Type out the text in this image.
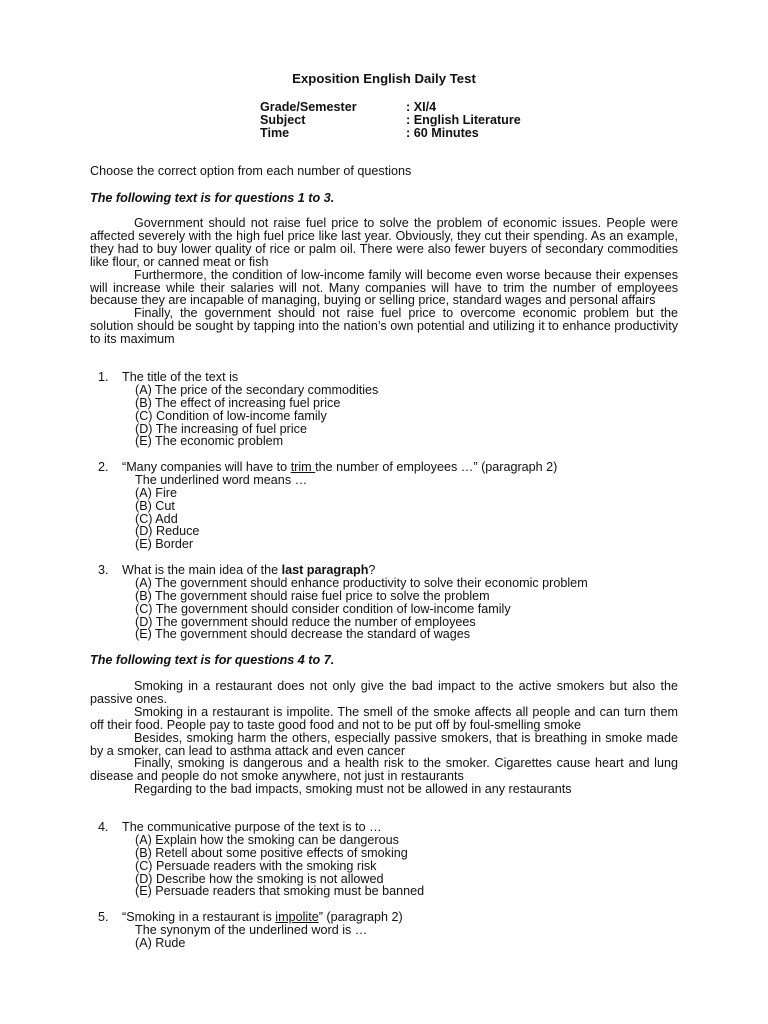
Exposition English Daily Test
Grade/Semester	: XI/4
Subject	: English Literature
Time	: 60 Minutes
Choose the correct option from each number of questions
The following text is for questions 1 to 3.

Government should not raise fuel price to solve the problem of economic issues. People were affected severely with the high fuel price like last year. Obviously, they cut their spending. As an example, they had to buy lower quality of rice or palm oil. There were also fewer buyers of secondary commodities like flour, or canned meat or fish

Furthermore, the condition of low-income family will become even worse because their expenses will increase while their salaries will not. Many companies will have to trim the number of employees because they are incapable of managing, buying or selling price, standard wages and personal affairs

Finally, the government should not raise fuel price to overcome economic problem but the solution should be sought by tapping into the nation’s own potential and utilizing it to enhance productivity to its maximum

1. The title of the text is
(A) The price of the secondary commodities
(B) The effect of increasing fuel price
(C) Condition of low-income family
(D) The increasing of fuel price
(E) The economic problem
2. “Many companies will have to trim the number of employees …” (paragraph 2)
The underlined word means …
(A) Fire
(B) Cut
(C) Add
(D) Reduce
(E) Border
3. What is the main idea of the last paragraph?
(A) The government should enhance productivity to solve their economic problem
(B) The government should raise fuel price to solve the problem
(C) The government should consider condition of low-income family
(D) The government should reduce the number of employees
(E) The government should decrease the standard of wages
The following text is for questions 4 to 7.

Smoking in a restaurant does not only give the bad impact to the active smokers but also the passive ones.

Smoking in a restaurant is impolite. The smell of the smoke affects all people and can turn them off their food. People pay to taste good food and not to be put off by foul-smelling smoke

Besides, smoking harm the others, especially passive smokers, that is breathing in smoke made by a smoker, can lead to asthma attack and even cancer

Finally, smoking is dangerous and a health risk to the smoker. Cigarettes cause heart and lung disease and people do not smoke anywhere, not just in restaurants

Regarding to the bad impacts, smoking must not be allowed in any restaurants

4. The communicative purpose of the text is to …
(A) Explain how the smoking can be dangerous
(B) Retell about some positive effects of smoking
(C) Persuade readers with the smoking risk
(D) Describe how the smoking is not allowed
(E) Persuade readers that smoking must be banned
5. “Smoking in a restaurant is impolite” (paragraph 2)
The synonym of the underlined word is …
(A) Rude
